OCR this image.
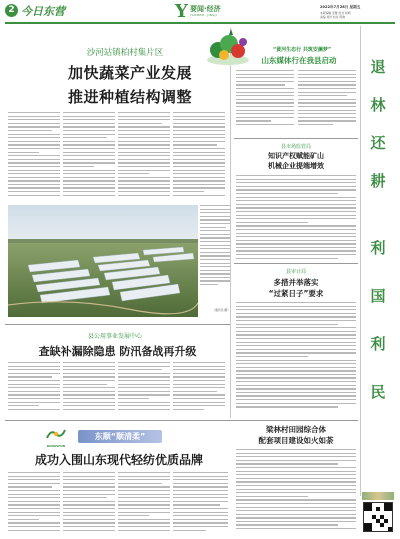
2 今日东营	Y 要闻·经济
YAOWEN · JINGJI
2022年7月28日 星期五
本版编辑 张雅 校对 杨帆
美编 刘洋 校对 陈晓
沙河站镇柏村集片区
加快蔬菜产业发展
推进种植结构调整
“黄河生态行 共筑安澜梦”
山东媒体行在我县启动	退
林
还
耕
利
国
利
民
县市场监管局
知识产权赋能矿山
机械企业提端增效
县审计局
多措并举落实
“过紧日子”要求
（通讯员 摄）
县公用事业发展中心
查缺补漏除隐患 防汛备战再升级
DONGSHUN
东顺“顺清柔”
成功入围山东现代轻纺优质品牌
梁林村田园综合体
配套项目建设如火如荼
